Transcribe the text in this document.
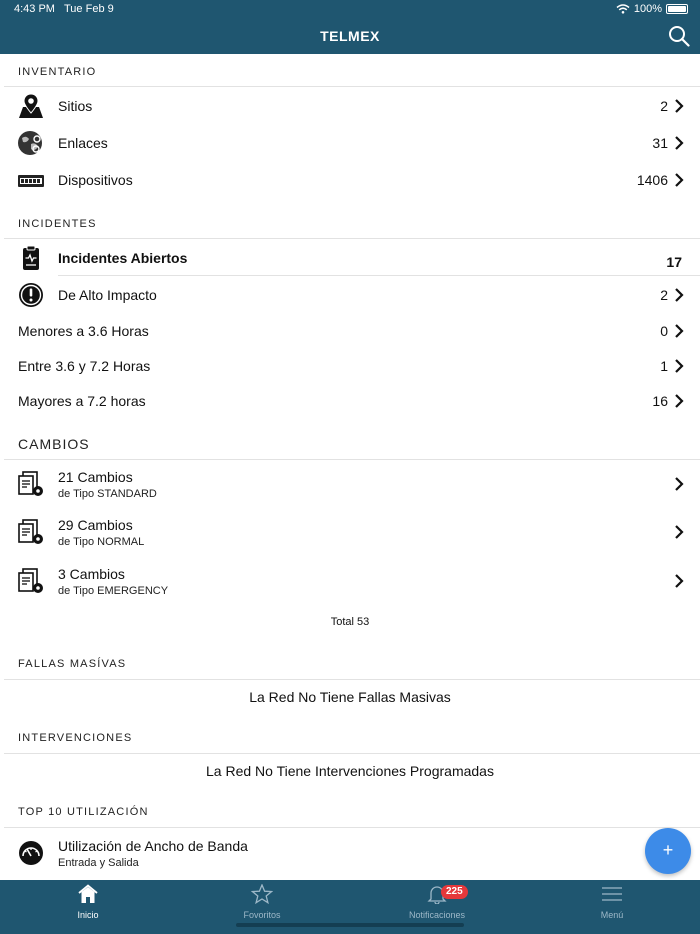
4:43 PM Tue Feb 9	100%
TELMEX
INVENTARIO
Sitios	2
Enlaces	31
Dispositivos	1406
INCIDENTES
Incidentes Abiertos	17
De Alto Impacto	2
Menores a 3.6 Horas	0
Entre 3.6 y 7.2 Horas	1
Mayores a 7.2 horas	16
CAMBIOS
21 Cambios
de Tipo STANDARD
29 Cambios
de Tipo NORMAL
3 Cambios
de Tipo EMERGENCY
Total 53
FALLAS MASÍVAS
La Red No Tiene Fallas Masivas
INTERVENCIONES
La Red No Tiene Intervenciones Programadas
TOP 10 UTILIZACIÓN
Utilización de Ancho de Banda
Entrada y Salida
+
Inicio	Fovoritos	Notificaciones
225
Menú
